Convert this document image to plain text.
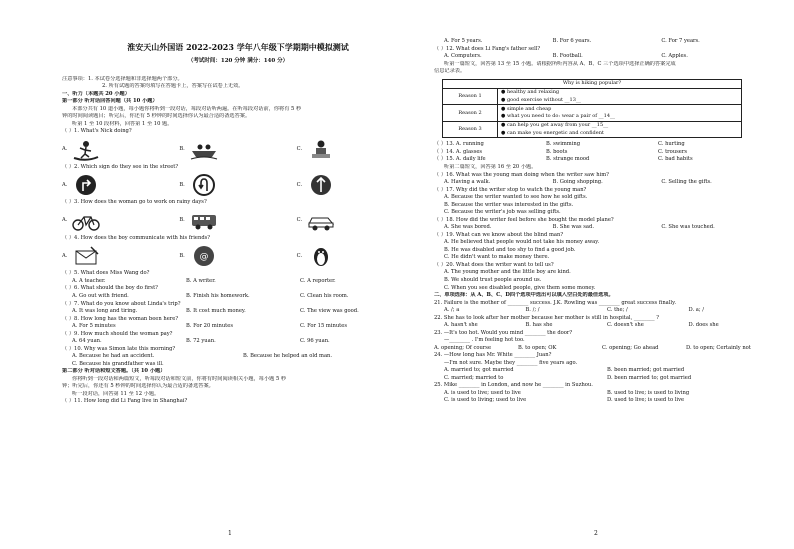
淮安天山外国语 2022-2023 学年八年级下学期期中模拟测试
（考试时间：120 分钟 满分：140 分）
注意事项：1. 本试卷分选择题和非选择题两个部分。
2. 所有试题的答案均填写在答题卡上，答案写在试卷上无效。
一、听力（本题共 20 小题）
第一部分 听对话回答问题（共 10 小题）
本部分共有 10 道小题，每小题你将听到一段对话，每段对话听两遍。在听每段对话前，你将有 5 秒
钟的时间阅读题目；听完后，你还有 5 秒钟的时间选择你认为最合适的备选答案。
听第 1 至 10 段材料，回答第 1 至 10 题。
（ ）1. What's Nick doing?
A.	B.	C.
（ ）2. Which sign do they see in the street?
A.	B.	C.
（ ）3. How does the woman go to work on rainy days?
A.	B.	C.
（ ）4. How does the boy communicate with his friends?
A.	B. @	C.
（ ）5. What does Miss Wang do?
A. A teacher.	B. A writer.	C. A reporter.
（ ）6. What should the boy do first?
A. Go out with friend.	B. Finish his homework.	C. Clean his room.
（ ）7. What do you know about Linda's trip?
A. It was long and tiring.	B. It cost much money.	C. The view was good.
（ ）8. How long has the woman been here?
A. For 5 minutes	B. For 20 minutes	C. For 15 minutes
（ ）9. How much should the woman pay?
A. 64 yuan.	B. 72 yuan.	C. 96 yuan.
（ ）10. Why was Simon late this morning?
A. Because he had an accident.	B. Because he helped an old man.
C. Because his grandfather was ill.
第二部分 听对话和短文答题。（共 10 小题）
你将听到一段对话和两篇短文，听每段对话和短文前，你将有时间阅读相关小题，每小题 5 秒
钟；听完后，你还有 5 秒钟的时间选择你认为最合适的备选答案。
听一段对话，回答第 11 至 12 小题。
（ ）11. How long did Li Fang live in Shanghai?
1
A. For 5 years.	B. For 6 years.	C. For 7 years.
（ ）12. What does Li Fang's father sell?
A. Computers.	B. Football.	C. Apples.
听第一篇短文，回答第 13 至 15 小题。请根据所听内容从 A、B、C 三个选项中选择正确的答案完成
信息记录表。
Why is hiking popular?	
Reason 1	● healthy and relaxing
● good exercise without __13__

Reason 2	● simple and cheap
● what you need to do: wear a pair of __14__

Reason 3	● can help you get away from your __15__
● can make you energetic and confident
（ ）13. A. running	B. swimming	C. hurting
（ ）14. A. glasses	B. boots	C. trousers
（ ）15. A. daily life	B. strange mood	C. bad habits
听第二篇短文，回答第 16 至 20 小题。
（ ）16. What was the young man doing when the writer saw him?
A. Having a walk.	B. Going shopping.	C. Selling the gifts.
（ ）17. Why did the writer stop to watch the young man?
A. Because the writer wanted to see how he sold gifts.
B. Because the writer was interested in the gifts.
C. Because the writer's job was selling gifts.
（ ）18. How did the writer feel before she bought the model plane?
A. She was bored.	B. She was sad.	C. She was touched.
（ ）19. What can we know about the blind man?
A. He believed that people would not take his money away.
B. He was disabled and too shy to find a good job.
C. He didn't want to make money there.
（ ）20. What does the writer want to tell us?
A. The young mother and the little boy are kind.
B. We should trust people around us.
C. When you see disabled people, give them some money.
二、单项选择：从 A、B、C、D四个选项中选出可以填入空白处的最佳选项。
21. Failure is the mother of ________ success. J.K. Rowling was ________ great success finally.
A. /; a	B. /; /	C. the; /	D. a; /
22. She has to look after her mother because her mother is still in hospital, ________ ?
A. hasn't she	B. has she	C. doesn't she	D. does she
23. —It's too hot. Would you mind ________ the door?
—________ . I'm feeling hot too.
A. opening; Of course	B. to open; OK	C. opening; Go ahead	D. to open; Certainly not
24. —How long has Mr. White ________ Juan?
—I'm not sure. Maybe they ________ five years ago.
A. married to; got married	B. been married; got married
C. married; married to	D. been married to; got married
25. Mike ________ in London, and now he ________ in Suzhou.
A. is used to live; used to live	B. used to live; is used to living
C. is used to living; used to live	D. used to live; is used to live
2
